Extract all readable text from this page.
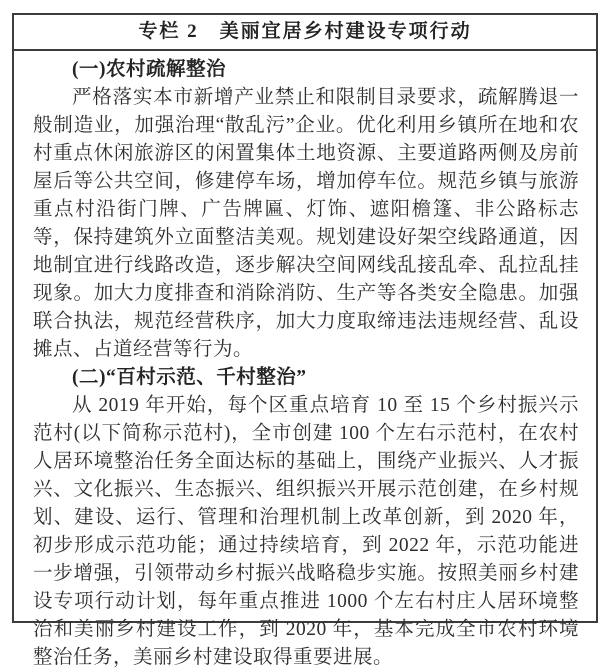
专栏 2　美丽宜居乡村建设专项行动
(一)农村疏解整治

严格落实本市新增产业禁止和限制目录要求，疏解腾退一般制造业，加强治理“散乱污”企业。优化利用乡镇所在地和农村重点休闲旅游区的闲置集体土地资源、主要道路两侧及房前屋后等公共空间，修建停车场，增加停车位。规范乡镇与旅游重点村沿街门牌、广告牌匾、灯饰、遮阳檐篷、非公路标志等，保持建筑外立面整洁美观。规划建设好架空线路通道，因地制宜进行线路改造，逐步解决空间网线乱接乱牵、乱拉乱挂现象。加大力度排查和消除消防、生产等各类安全隐患。加强联合执法，规范经营秩序，加大力度取缔违法违规经营、乱设摊点、占道经营等行为。

(二)“百村示范、千村整治”

从 2019 年开始，每个区重点培育 10 至 15 个乡村振兴示范村(以下简称示范村)，全市创建 100 个左右示范村，在农村人居环境整治任务全面达标的基础上，围绕产业振兴、人才振兴、文化振兴、生态振兴、组织振兴开展示范创建，在乡村规划、建设、运行、管理和治理机制上改革创新，到 2020 年，初步形成示范功能；通过持续培育，到 2022 年，示范功能进一步增强，引领带动乡村振兴战略稳步实施。按照美丽乡村建设专项行动计划，每年重点推进 1000 个左右村庄人居环境整治和美丽乡村建设工作，到 2020 年，基本完成全市农村环境整治任务，美丽乡村建设取得重要进展。
